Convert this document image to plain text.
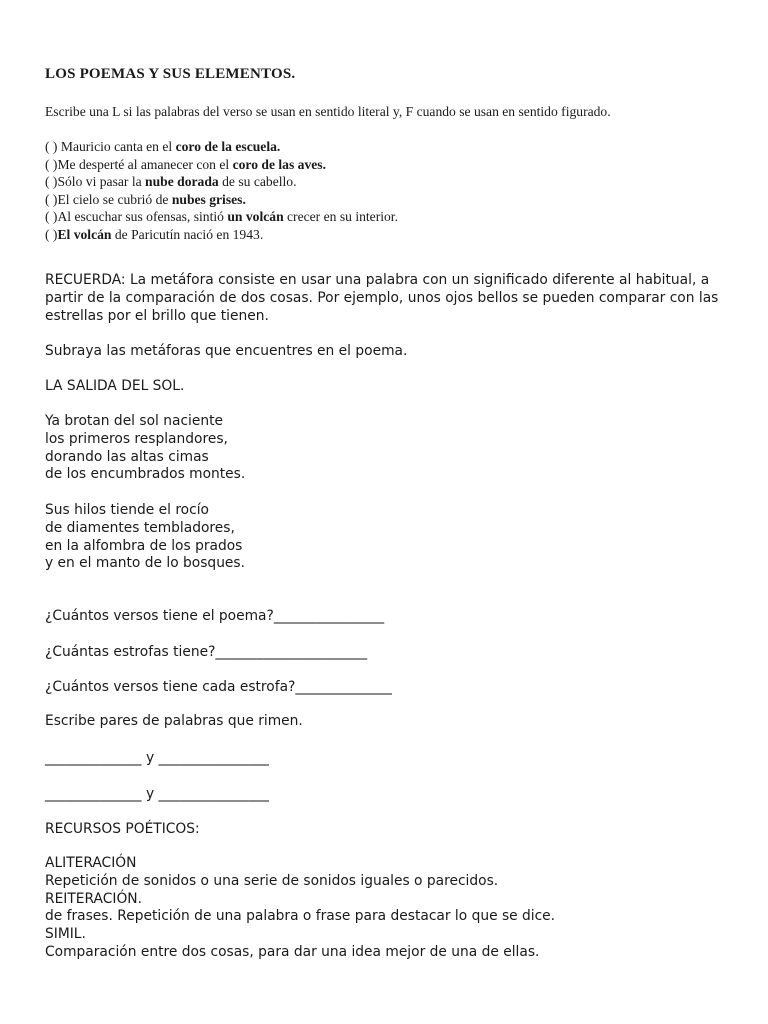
LOS POEMAS Y SUS ELEMENTOS.
Escribe una L si las palabras del verso se usan en sentido literal y, F cuando se usan en sentido figurado.
( ) Mauricio canta en el coro de la escuela.
( )Me desperté al amanecer con el coro de las aves.
( )Sólo vi pasar la nube dorada de su cabello.
( )El cielo se cubrió de nubes grises.
( )Al escuchar sus ofensas, sintió un volcán crecer en su interior.
( )El volcán de Paricutín nació en 1943.
RECUERDA: La metáfora consiste en usar una palabra con un significado diferente al habitual, a
partir de la comparación de dos cosas. Por ejemplo, unos ojos bellos se pueden comparar con las
estrellas por el brillo que tienen.
Subraya las metáforas que encuentres en el poema.
LA SALIDA DEL SOL.
Ya brotan del sol naciente
los primeros resplandores,
dorando las altas cimas
de los encumbrados montes.
Sus hilos tiende el rocío
de diamentes tembladores,
en la alfombra de los prados
y en el manto de lo bosques.
¿Cuántos versos tiene el poema?________________
¿Cuántas estrofas tiene?______________________
¿Cuántos versos tiene cada estrofa?______________
Escribe pares de palabras que rimen.
______________ y ________________
______________ y ________________
RECURSOS POÉTICOS:
ALITERACIÓN
Repetición de sonidos o una serie de sonidos iguales o parecidos.
REITERACIÓN.
de frases. Repetición de una palabra o frase para destacar lo que se dice.
SIMIL.
Comparación entre dos cosas, para dar una idea mejor de una de ellas.
